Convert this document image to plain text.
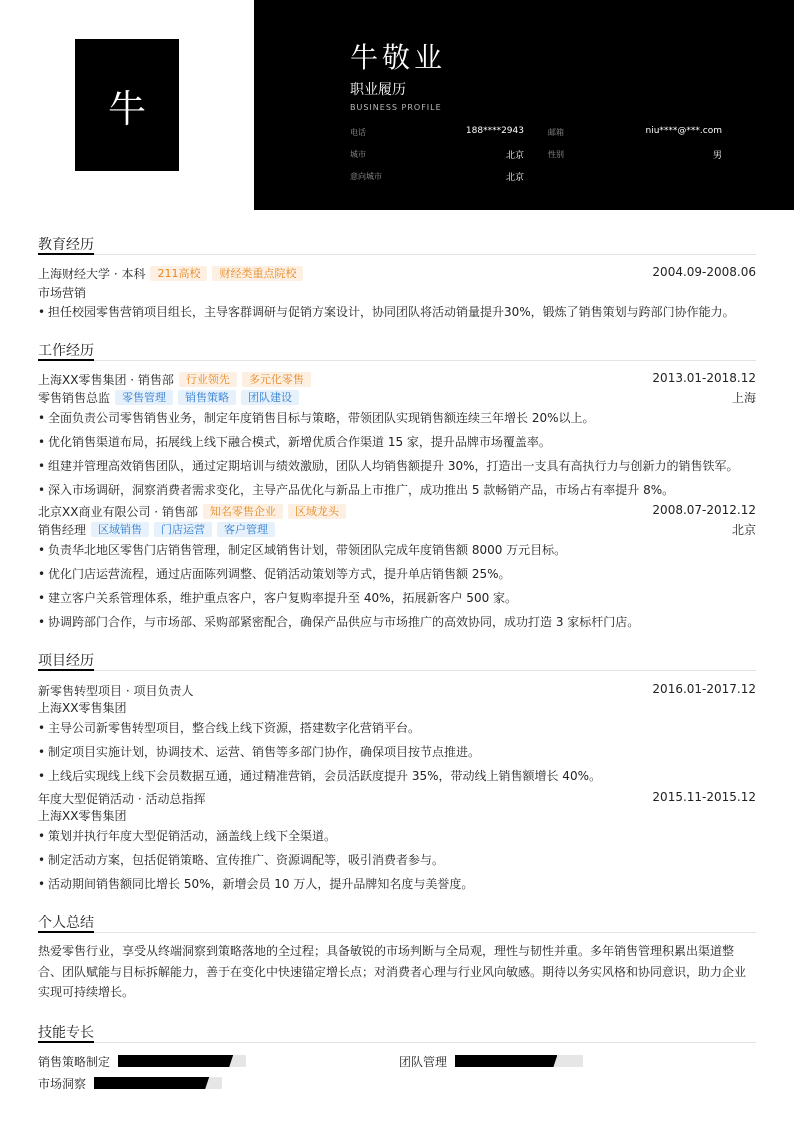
牛
牛敬业
职业履历
BUSINESS PROFILE
电话	188****2943	邮箱	niu****@***.com
城市	北京	性别	男
意向城市	北京
教育经历
上海财经大学 · 本科 211高校 财经类重点院校	2004.09-2008.06
市场营销
• 担任校园零售营销项目组长，主导客群调研与促销方案设计，协同团队将活动销量提升30%，锻炼了销售策划与跨部门协作能力。
工作经历
上海XX零售集团 · 销售部 行业领先 多元化零售	2013.01-2018.12
零售销售总监 零售管理 销售策略 团队建设	上海
• 全面负责公司零售销售业务，制定年度销售目标与策略，带领团队实现销售额连续三年增长 20%以上。
• 优化销售渠道布局，拓展线上线下融合模式，新增优质合作渠道 15 家，提升品牌市场覆盖率。
• 组建并管理高效销售团队，通过定期培训与绩效激励，团队人均销售额提升 30%，打造出一支具有高执行力与创新力的销售铁军。
• 深入市场调研，洞察消费者需求变化，主导产品优化与新品上市推广，成功推出 5 款畅销产品，市场占有率提升 8%。
北京XX商业有限公司 · 销售部 知名零售企业 区域龙头	2008.07-2012.12
销售经理 区域销售 门店运营 客户管理	北京
• 负责华北地区零售门店销售管理，制定区域销售计划，带领团队完成年度销售额 8000 万元目标。
• 优化门店运营流程，通过店面陈列调整、促销活动策划等方式，提升单店销售额 25%。
• 建立客户关系管理体系，维护重点客户，客户复购率提升至 40%，拓展新客户 500 家。
• 协调跨部门合作，与市场部、采购部紧密配合，确保产品供应与市场推广的高效协同，成功打造 3 家标杆门店。
项目经历
新零售转型项目 · 项目负责人	2016.01-2017.12
上海XX零售集团
• 主导公司新零售转型项目，整合线上线下资源，搭建数字化营销平台。
• 制定项目实施计划，协调技术、运营、销售等多部门协作，确保项目按节点推进。
• 上线后实现线上线下会员数据互通，通过精准营销，会员活跃度提升 35%，带动线上销售额增长 40%。
年度大型促销活动 · 活动总指挥	2015.11-2015.12
上海XX零售集团
• 策划并执行年度大型促销活动，涵盖线上线下全渠道。
• 制定活动方案，包括促销策略、宣传推广、资源调配等，吸引消费者参与。
• 活动期间销售额同比增长 50%，新增会员 10 万人，提升品牌知名度与美誉度。
个人总结
热爱零售行业，享受从终端洞察到策略落地的全过程；具备敏锐的市场判断与全局观，理性与韧性并重。多年销售管理积累出渠道整合、团队赋能与目标拆解能力，善于在变化中快速锚定增长点；对消费者心理与行业风向敏感。期待以务实风格和协同意识，助力企业实现可持续增长。
技能专长
销售策略制定	团队管理
市场洞察
